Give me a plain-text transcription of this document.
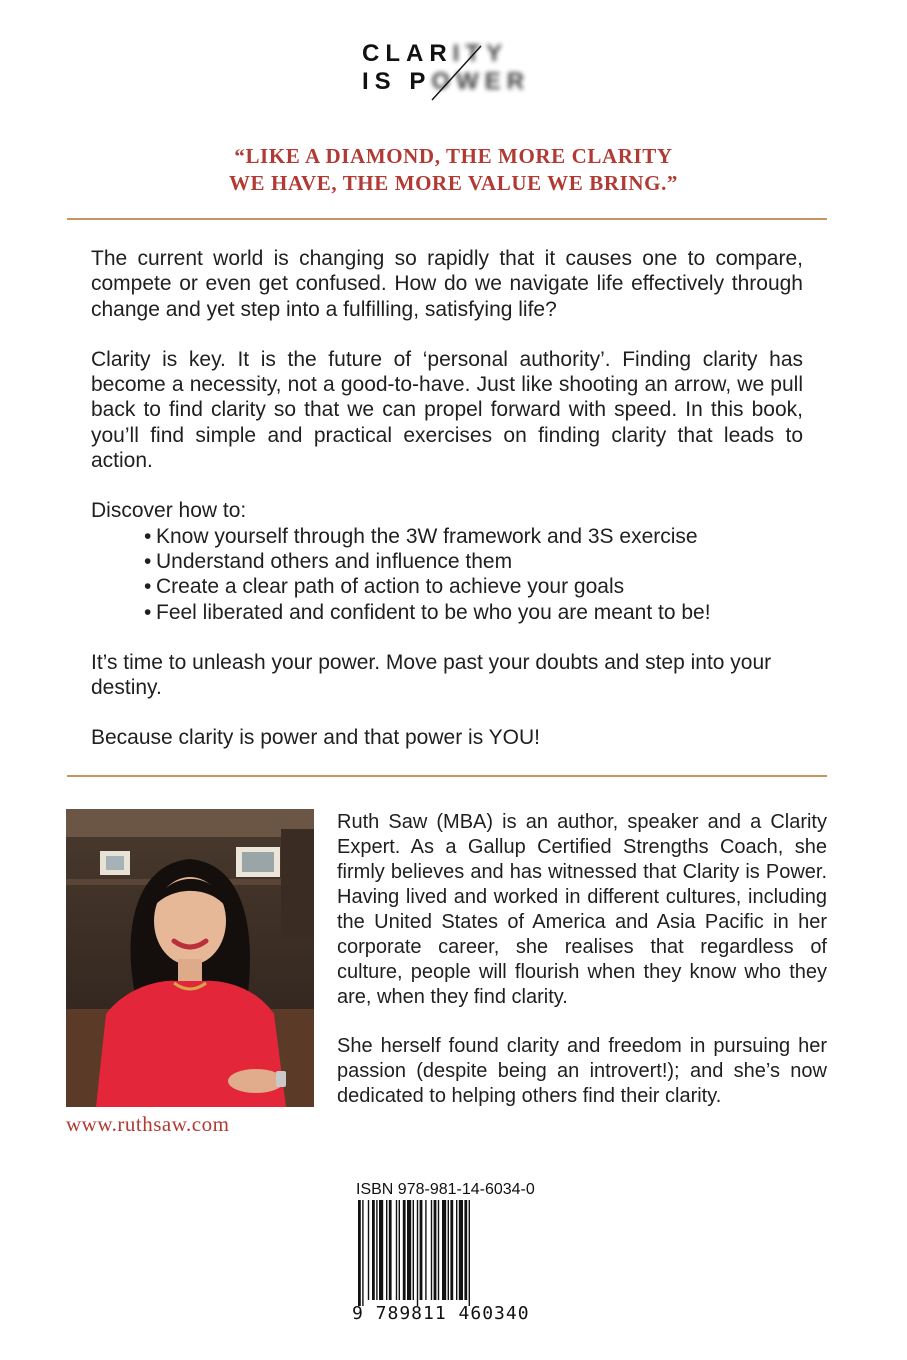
CLARITY
IS POWER
“LIKE A DIAMOND, THE MORE CLARITY
WE HAVE, THE MORE VALUE WE BRING.”

The current world is changing so rapidly that it causes one to compare, compete or even get confused. How do we navigate life effectively through change and yet step into a fulfilling, satisfying life?

Clarity is key. It is the future of ‘personal authority’. Finding clarity has become a necessity, not a good-to-have. Just like shooting an arrow, we pull back to find clarity so that we can propel forward with speed. In this book, you’ll find simple and practical exercises on finding clarity that leads to action.

Discover how to:

• Know yourself through the 3W framework and 3S exercise
• Understand others and influence them
• Create a clear path of action to achieve your goals
• Feel liberated and confident to be who you are meant to be!

It’s time to unleash your power. Move past your doubts and step into your destiny.

Because clarity is power and that power is YOU!

www.ruthsaw.com

Ruth Saw (MBA) is an author, speaker and a Clarity Expert. As a Gallup Certified Strengths Coach, she firmly believes and has witnessed that Clarity is Power. Having lived and worked in different cultures, including the United States of America and Asia Pacific in her corporate career, she realises that regardless of culture, people will flourish when they know who they are, when they find clarity.

She herself found clarity and freedom in pursuing her passion (despite being an introvert!); and she’s now dedicated to helping others find their clarity.

ISBN 978-981-14-6034-0
9 789811 460340
